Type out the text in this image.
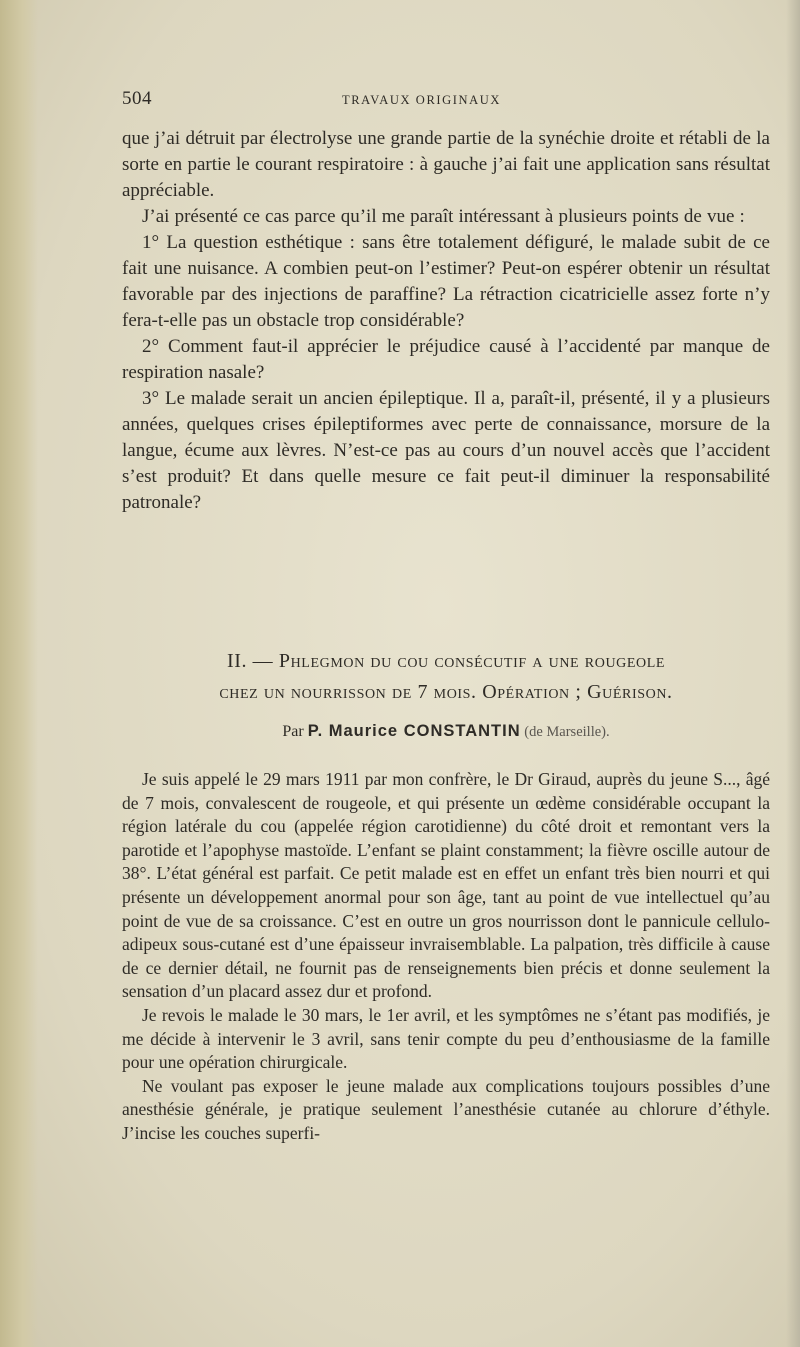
504	TRAVAUX ORIGINAUX

que j’ai détruit par électrolyse une grande partie de la synéchie droite et rétabli de la sorte en partie le courant respiratoire : à gauche j’ai fait une application sans résultat appréciable.

J’ai présenté ce cas parce qu’il me paraît intéressant à plusieurs points de vue :

1° La question esthétique : sans être totalement défiguré, le malade subit de ce fait une nuisance. A combien peut-on l’estimer? Peut-on espérer obtenir un résultat favorable par des injections de paraffine? La rétraction cicatricielle assez forte n’y fera-t-elle pas un obstacle trop considérable?

2° Comment faut-il apprécier le préjudice causé à l’accidenté par manque de respiration nasale?

3° Le malade serait un ancien épileptique. Il a, paraît-il, présenté, il y a plusieurs années, quelques crises épileptiformes avec perte de connaissance, morsure de la langue, écume aux lèvres. N’est-ce pas au cours d’un nouvel accès que l’accident s’est produit? Et dans quelle mesure ce fait peut-il diminuer la responsabilité patronale?

II. — Phlegmon du cou consécutif a une rougeole
chez un nourrisson de 7 mois. Opération ; Guérison.
Par P. Maurice CONSTANTIN (de Marseille).

Je suis appelé le 29 mars 1911 par mon confrère, le Dr Giraud, auprès du jeune S..., âgé de 7 mois, convalescent de rougeole, et qui présente un œdème considérable occupant la région latérale du cou (appelée région carotidienne) du côté droit et remontant vers la parotide et l’apophyse mastoïde. L’enfant se plaint constamment; la fièvre oscille autour de 38°. L’état général est parfait. Ce petit malade est en effet un enfant très bien nourri et qui présente un développement anormal pour son âge, tant au point de vue intellectuel qu’au point de vue de sa croissance. C’est en outre un gros nourrisson dont le pannicule cellulo-adipeux sous-cutané est d’une épaisseur invraisemblable. La palpation, très difficile à cause de ce dernier détail, ne fournit pas de renseignements bien précis et donne seulement la sensation d’un placard assez dur et profond.

Je revois le malade le 30 mars, le 1er avril, et les symptômes ne s’étant pas modifiés, je me décide à intervenir le 3 avril, sans tenir compte du peu d’enthousiasme de la famille pour une opération chirurgicale.

Ne voulant pas exposer le jeune malade aux complications toujours possibles d’une anesthésie générale, je pratique seulement l’anesthésie cutanée au chlorure d’éthyle. J’incise les couches superfi-
